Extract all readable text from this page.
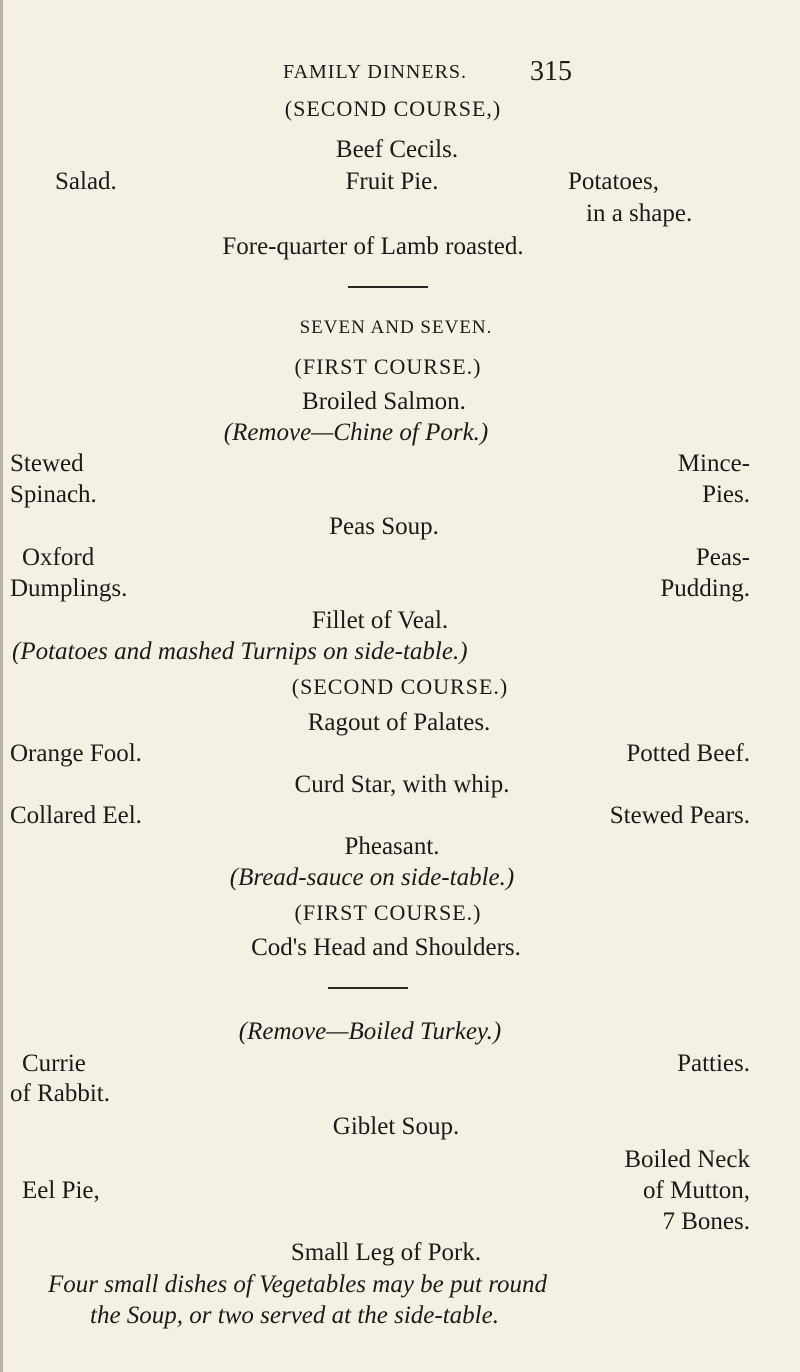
FAMILY DINNERS. 315
(SECOND COURSE,)
Beef Cecils.
Salad.	Fruit Pie.	Potatoes,
in a shape.
Fore-quarter of Lamb roasted.
SEVEN AND SEVEN.
(FIRST COURSE.)
Broiled Salmon.
(Remove—Chine of Pork.)
Stewed
Spinach.
Mince-
Pies.
Peas Soup.
Oxford
Dumplings.
Peas-
Pudding.
Fillet of Veal.
(Potatoes and mashed Turnips on side-table.)
(SECOND COURSE.)
Ragout of Palates.
Orange Fool.	Potted Beef.
Curd Star, with whip.
Collared Eel.	Stewed Pears.
Pheasant.
(Bread-sauce on side-table.)
(FIRST COURSE.)
Cod's Head and Shoulders.
(Remove—Boiled Turkey.)
Currie
of Rabbit.
Patties.
Giblet Soup.
Boiled Neck
of Mutton,
7 Bones.
Eel Pie,
Small Leg of Pork.
Four small dishes of Vegetables may be put round
the Soup, or two served at the side-table.
